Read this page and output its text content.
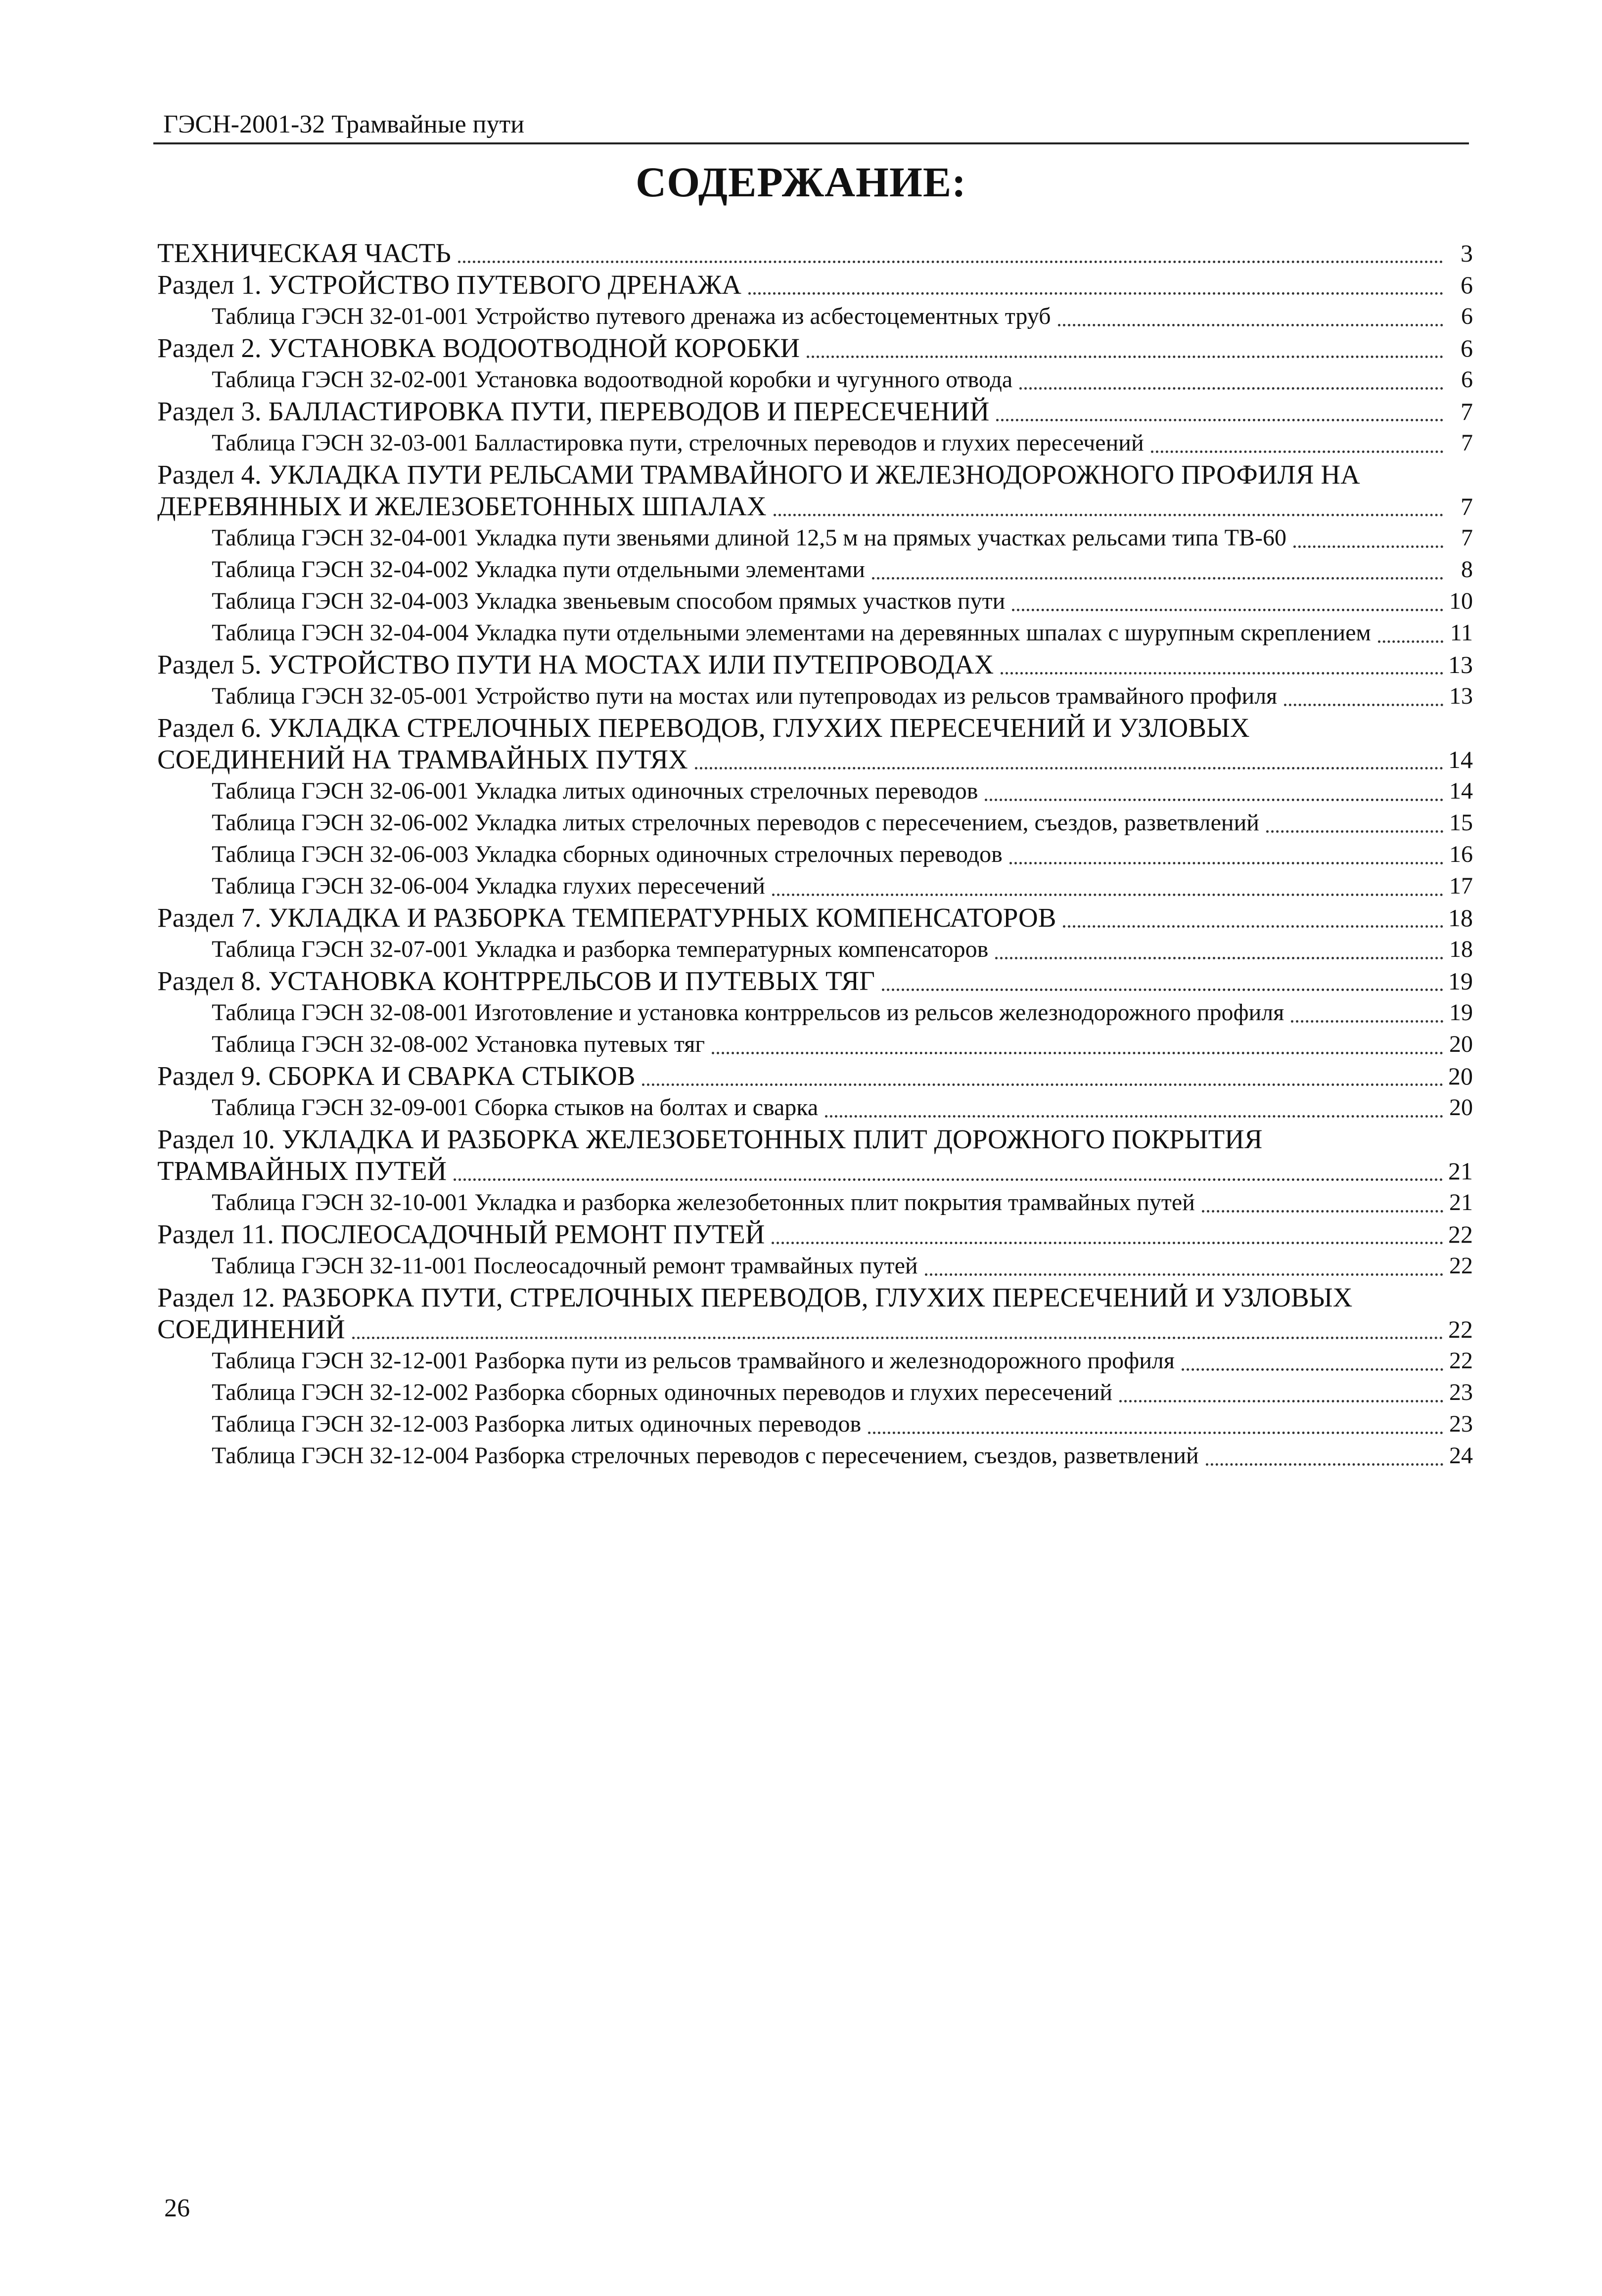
ГЭСН-2001-32 Трамвайные пути
СОДЕРЖАНИЕ:
ТЕХНИЧЕСКАЯ ЧАСТЬ	3
Раздел 1. УСТРОЙСТВО ПУТЕВОГО ДРЕНАЖА	6
Таблица ГЭСН 32-01-001 Устройство путевого дренажа из асбестоцементных труб	6
Раздел 2. УСТАНОВКА ВОДООТВОДНОЙ КОРОБКИ	6
Таблица ГЭСН 32-02-001 Установка водоотводной коробки и чугунного отвода	6
Раздел 3. БАЛЛАСТИРОВКА ПУТИ, ПЕРЕВОДОВ И ПЕРЕСЕЧЕНИЙ	7
Таблица ГЭСН 32-03-001 Балластировка пути, стрелочных переводов и глухих пересечений	7
Раздел 4. УКЛАДКА ПУТИ РЕЛЬСАМИ ТРАМВАЙНОГО И ЖЕЛЕЗНОДОРОЖНОГО ПРОФИЛЯ НА ДЕРЕВЯННЫХ И ЖЕЛЕЗОБЕТОННЫХ ШПАЛАХ	7
Таблица ГЭСН 32-04-001 Укладка пути звеньями длиной 12,5 м на прямых участках рельсами типа ТВ-60	7
Таблица ГЭСН 32-04-002 Укладка пути отдельными элементами	8
Таблица ГЭСН 32-04-003 Укладка звеньевым способом прямых участков пути	10
Таблица ГЭСН 32-04-004 Укладка пути отдельными элементами на деревянных шпалах с шурупным скреплением	11
Раздел 5. УСТРОЙСТВО ПУТИ НА МОСТАХ ИЛИ ПУТЕПРОВОДАХ	13
Таблица ГЭСН 32-05-001 Устройство пути на мостах или путепроводах из рельсов трамвайного профиля	13
Раздел 6. УКЛАДКА СТРЕЛОЧНЫХ ПЕРЕВОДОВ, ГЛУХИХ ПЕРЕСЕЧЕНИЙ И УЗЛОВЫХ СОЕДИНЕНИЙ НА ТРАМВАЙНЫХ ПУТЯХ	14
Таблица ГЭСН 32-06-001 Укладка литых одиночных стрелочных переводов	14
Таблица ГЭСН 32-06-002 Укладка литых стрелочных переводов с пересечением, съездов, разветвлений	15
Таблица ГЭСН 32-06-003 Укладка сборных одиночных стрелочных переводов	16
Таблица ГЭСН 32-06-004 Укладка глухих пересечений	17
Раздел 7. УКЛАДКА И РАЗБОРКА ТЕМПЕРАТУРНЫХ КОМПЕНСАТОРОВ	18
Таблица ГЭСН 32-07-001 Укладка и разборка температурных компенсаторов	18
Раздел 8. УСТАНОВКА КОНТРРЕЛЬСОВ И ПУТЕВЫХ ТЯГ	19
Таблица ГЭСН 32-08-001 Изготовление и установка контррельсов из рельсов железнодорожного профиля	19
Таблица ГЭСН 32-08-002 Установка путевых тяг	20
Раздел 9. СБОРКА И СВАРКА СТЫКОВ	20
Таблица ГЭСН 32-09-001 Сборка стыков на болтах и сварка	20
Раздел 10. УКЛАДКА И РАЗБОРКА ЖЕЛЕЗОБЕТОННЫХ ПЛИТ ДОРОЖНОГО ПОКРЫТИЯ ТРАМВАЙНЫХ ПУТЕЙ	21
Таблица ГЭСН 32-10-001 Укладка и разборка железобетонных плит покрытия трамвайных путей	21
Раздел 11. ПОСЛЕОСАДОЧНЫЙ РЕМОНТ ПУТЕЙ	22
Таблица ГЭСН 32-11-001 Послеосадочный ремонт трамвайных путей	22
Раздел 12. РАЗБОРКА ПУТИ, СТРЕЛОЧНЫХ ПЕРЕВОДОВ, ГЛУХИХ ПЕРЕСЕЧЕНИЙ И УЗЛОВЫХ СОЕДИНЕНИЙ	22
Таблица ГЭСН 32-12-001 Разборка пути из рельсов трамвайного и железнодорожного профиля	22
Таблица ГЭСН 32-12-002 Разборка сборных одиночных переводов и глухих пересечений	23
Таблица ГЭСН 32-12-003 Разборка литых одиночных переводов	23
Таблица ГЭСН 32-12-004 Разборка стрелочных переводов с пересечением, съездов, разветвлений	24
26
